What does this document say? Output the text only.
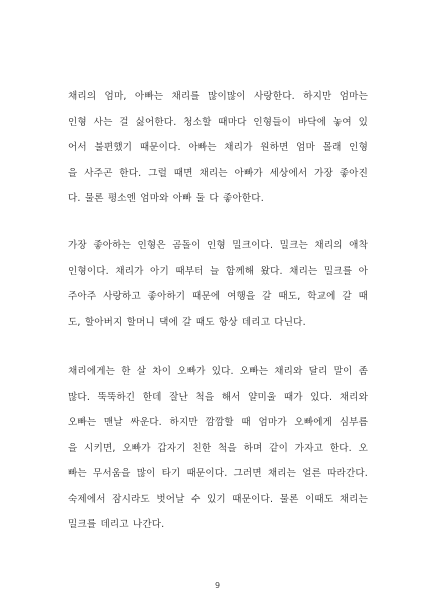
채리의 엄마, 아빠는 채리를 많이많이 사랑한다. 하지만 엄마는
인형 사는 걸 싫어한다. 청소할 때마다 인형들이 바닥에 놓여 있
어서 불편했기 때문이다. 아빠는 채리가 원하면 엄마 몰래 인형
을 사주곤 한다. 그럴 때면 채리는 아빠가 세상에서 가장 좋아진
다. 물론 평소엔 엄마와 아빠 둘 다 좋아한다.
가장 좋아하는 인형은 곰돌이 인형 밀크이다. 밀크는 채리의 애착
인형이다. 채리가 아기 때부터 늘 함께해 왔다. 채리는 밀크를 아
주아주 사랑하고 좋아하기 때문에 여행을 갈 때도, 학교에 갈 때
도, 할아버지 할머니 댁에 갈 때도 항상 데리고 다닌다.
채리에게는 한 살 차이 오빠가 있다. 오빠는 채리와 달리 말이 좀
많다. 뚝뚝하긴 한데 잘난 척을 해서 얄미울 때가 있다. 채리와
오빠는 맨날 싸운다. 하지만 깜깜할 때 엄마가 오빠에게 심부름
을 시키면, 오빠가 갑자기 친한 척을 하며 같이 가자고 한다. 오
빠는 무서움을 많이 타기 때문이다. 그러면 채리는 얼른 따라간다.
숙제에서 잠시라도 벗어날 수 있기 때문이다. 물론 이때도 채리는
밀크를 데리고 나간다.
9
